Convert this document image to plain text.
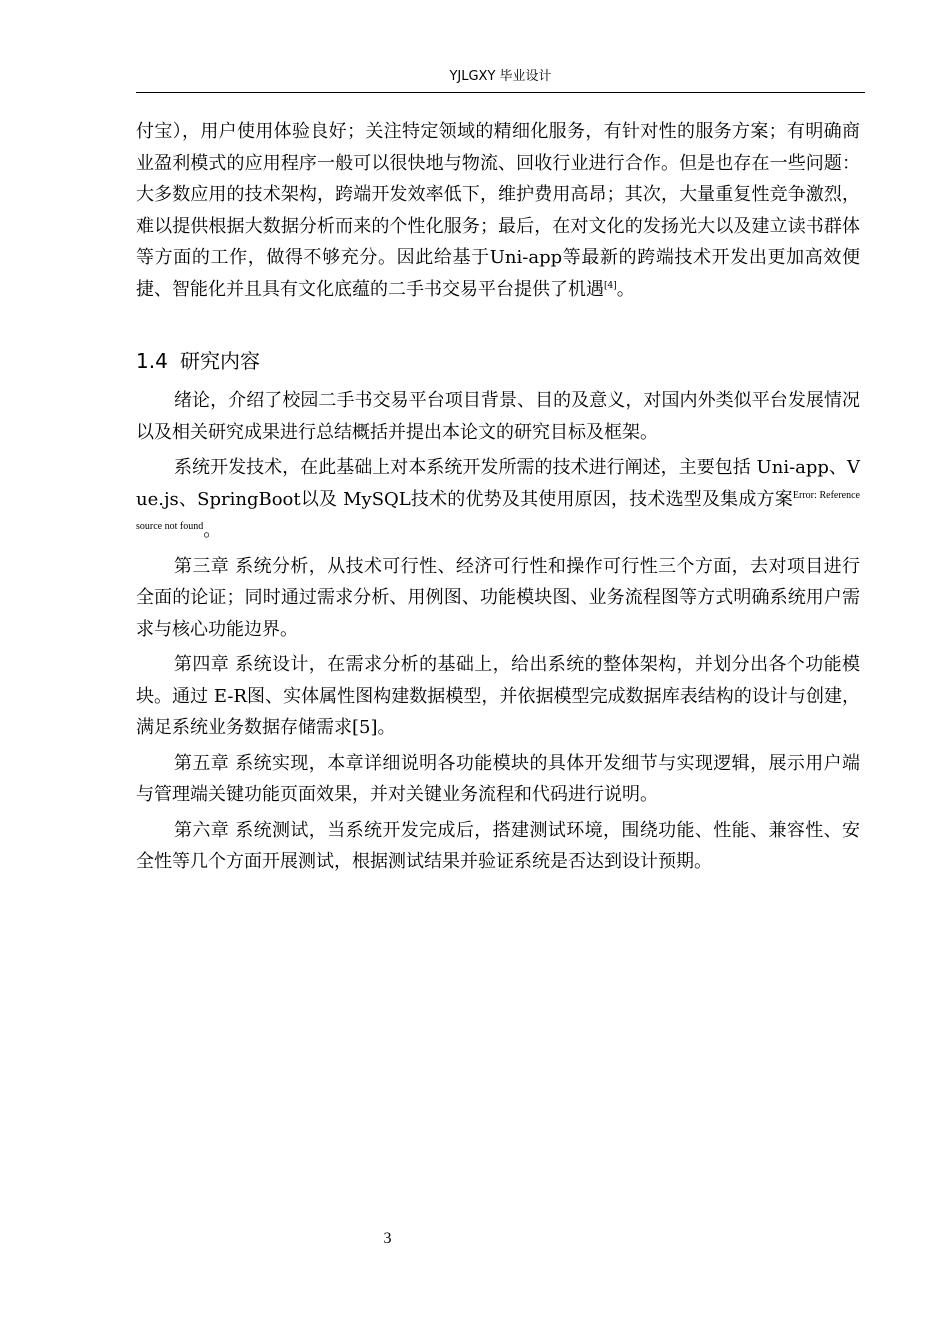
YJLGXY 毕业设计

付宝），用户使用体验良好；关注特定领域的精细化服务，有针对性的服务方案；有明确商业盈利模式的应用程序一般可以很快地与物流、回收行业进行合作。但是也存在一些问题：大多数应用的技术架构，跨端开发效率低下，维护费用高昂；其次，大量重复性竞争激烈，难以提供根据大数据分析而来的个性化服务；最后，在对文化的发扬光大以及建立读书群体等方面的工作，做得不够充分。因此给基于Uni-app等最新的跨端技术开发出更加高效便捷、智能化并且具有文化底蕴的二手书交易平台提供了机遇[4]。

1.4 研究内容

绪论，介绍了校园二手书交易平台项目背景、目的及意义，对国内外类似平台发展情况以及相关研究成果进行总结概括并提出本论文的研究目标及框架。

系统开发技术，在此基础上对本系统开发所需的技术进行阐述，主要包括 Uni-app、Vue.js、SpringBoot以及 MySQL技术的优势及其使用原因，技术选型及集成方案$^{Error: Reference source not found}$。

第三章 系统分析，从技术可行性、经济可行性和操作可行性三个方面，去对项目进行全面的论证；同时通过需求分析、用例图、功能模块图、业务流程图等方式明确系统用户需求与核心功能边界。

第四章 系统设计，在需求分析的基础上，给出系统的整体架构，并划分出各个功能模块。通过 E-R图、实体属性图构建数据模型，并依据模型完成数据库表结构的设计与创建，满足系统业务数据存储需求[5]。

第五章 系统实现，本章详细说明各功能模块的具体开发细节与实现逻辑，展示用户端与管理端关键功能页面效果，并对关键业务流程和代码进行说明。

第六章 系统测试，当系统开发完成后，搭建测试环境，围绕功能、性能、兼容性、安全性等几个方面开展测试，根据测试结果并验证系统是否达到设计预期。

3
